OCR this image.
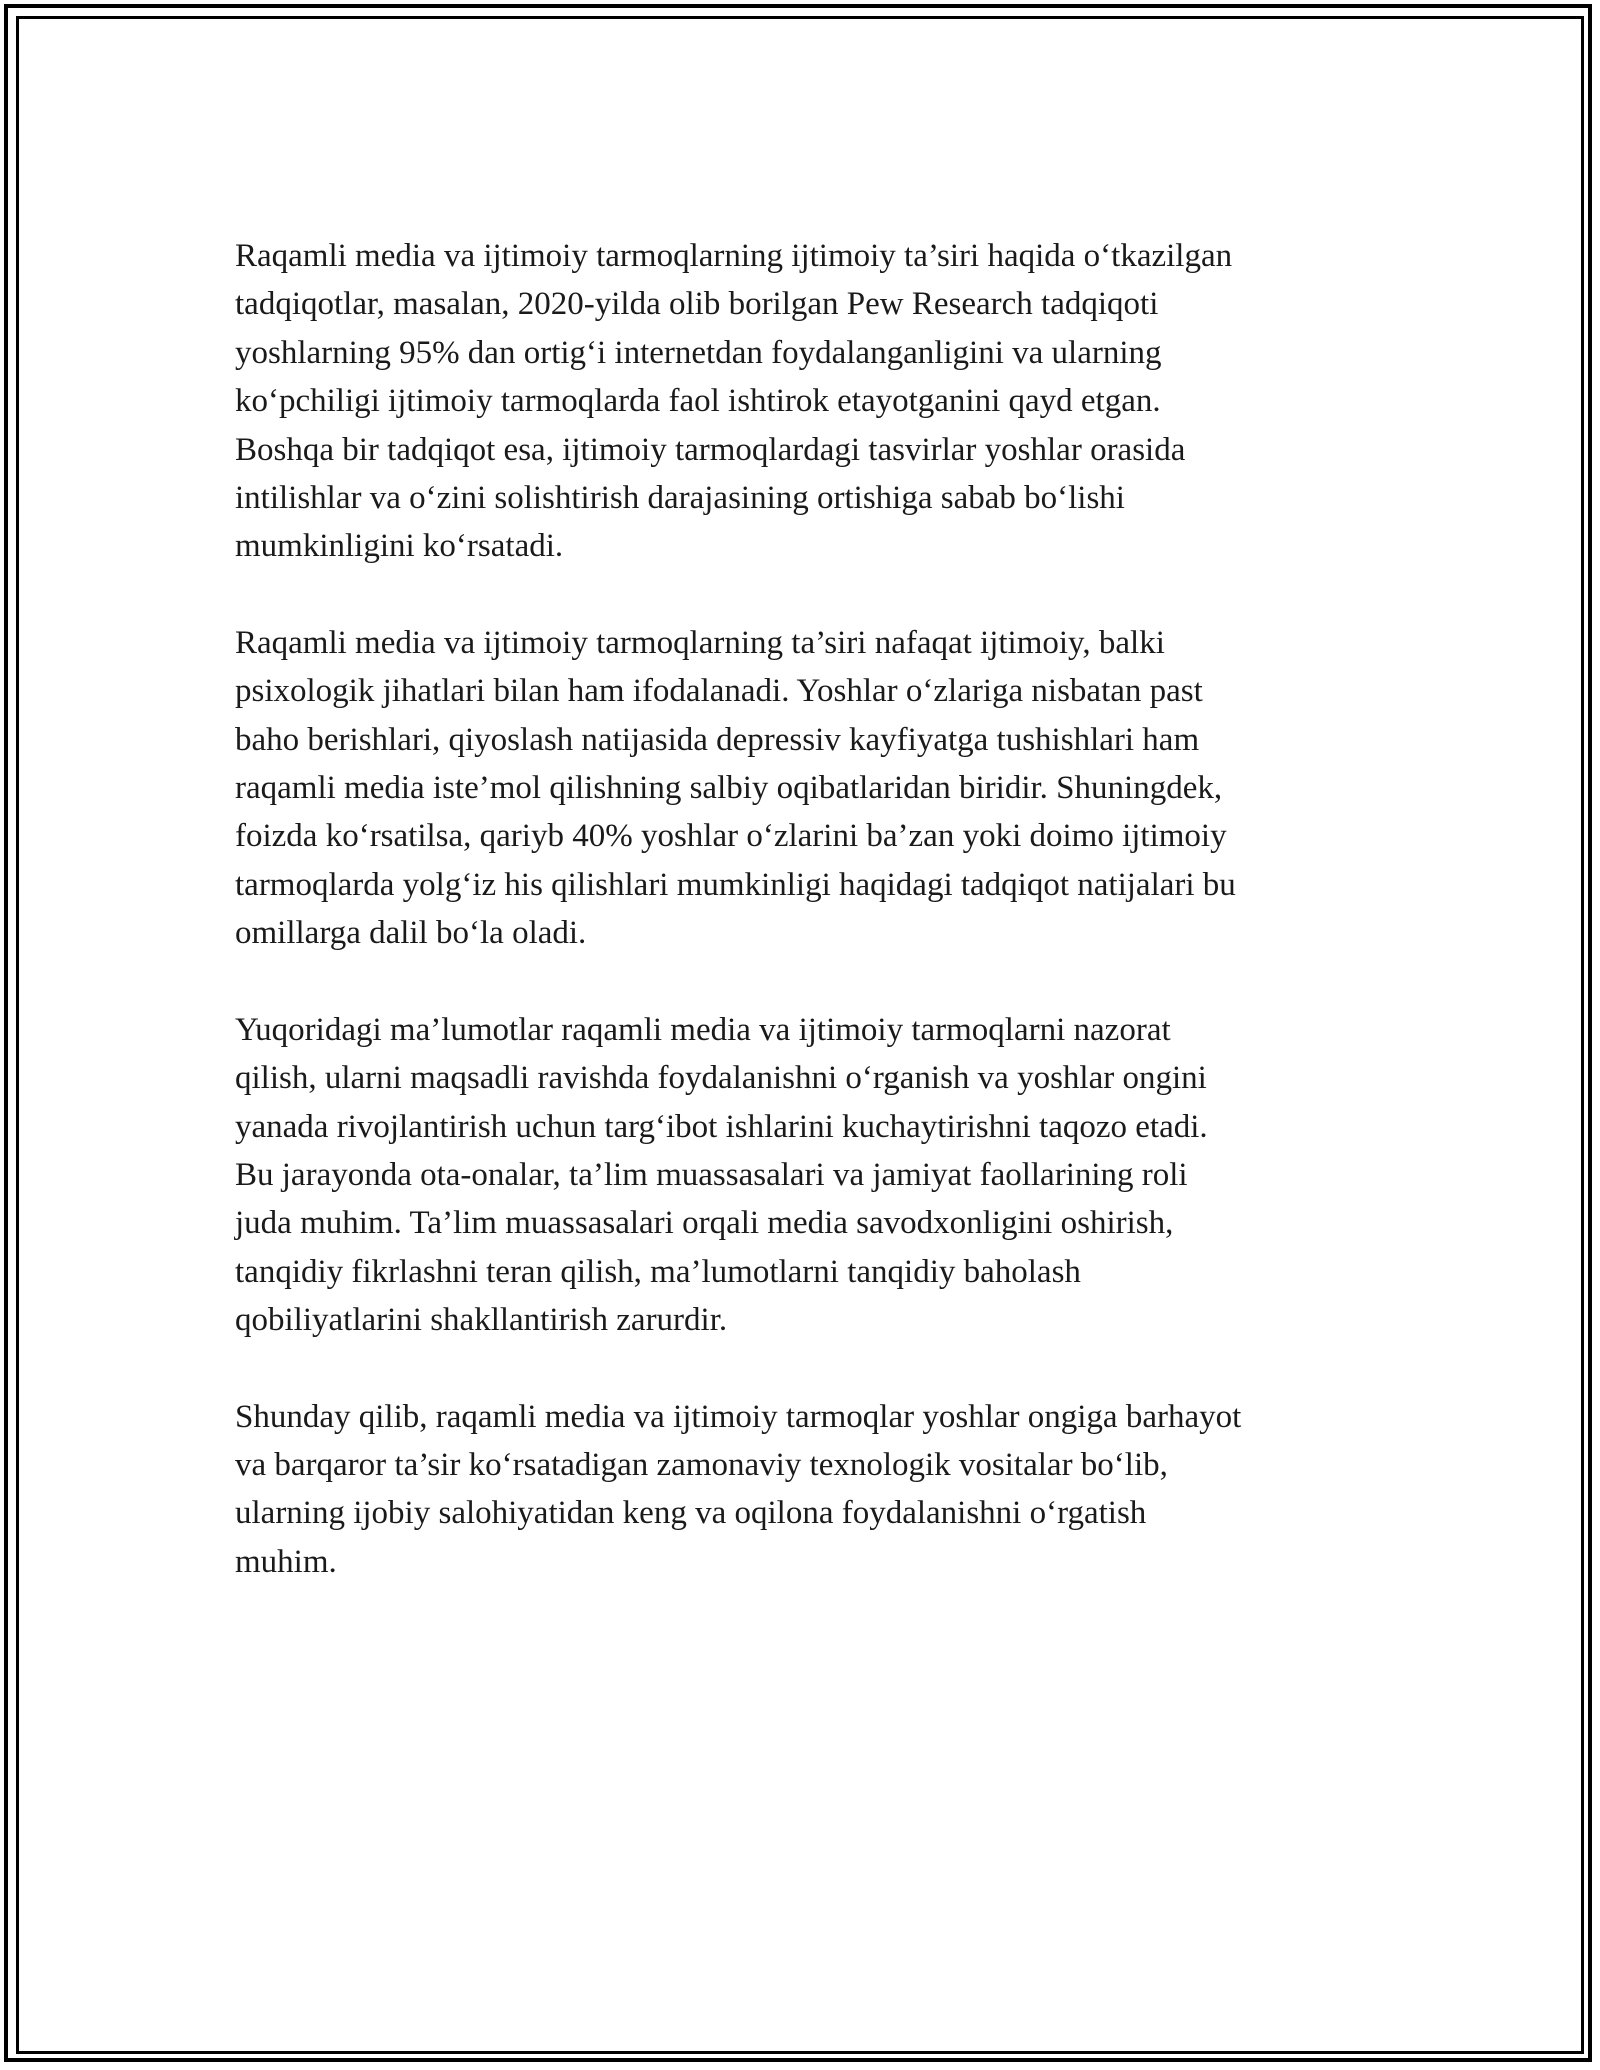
Raqamli media va ijtimoiy tarmoqlarning ijtimoiy ta’siri haqida o‘tkazilgan
tadqiqotlar, masalan, 2020-yilda olib borilgan Pew Research tadqiqoti
yoshlarning 95% dan ortig‘i internetdan foydalanganligini va ularning
ko‘pchiligi ijtimoiy tarmoqlarda faol ishtirok etayotganini qayd etgan.
Boshqa bir tadqiqot esa, ijtimoiy tarmoqlardagi tasvirlar yoshlar orasida
intilishlar va o‘zini solishtirish darajasining ortishiga sabab bo‘lishi
mumkinligini ko‘rsatadi.

Raqamli media va ijtimoiy tarmoqlarning ta’siri nafaqat ijtimoiy, balki
psixologik jihatlari bilan ham ifodalanadi. Yoshlar o‘zlariga nisbatan past
baho berishlari, qiyoslash natijasida depressiv kayfiyatga tushishlari ham
raqamli media iste’mol qilishning salbiy oqibatlaridan biridir. Shuningdek,
foizda ko‘rsatilsa, qariyb 40% yoshlar o‘zlarini ba’zan yoki doimo ijtimoiy
tarmoqlarda yolg‘iz his qilishlari mumkinligi haqidagi tadqiqot natijalari bu
omillarga dalil bo‘la oladi.

Yuqoridagi ma’lumotlar raqamli media va ijtimoiy tarmoqlarni nazorat
qilish, ularni maqsadli ravishda foydalanishni o‘rganish va yoshlar ongini
yanada rivojlantirish uchun targ‘ibot ishlarini kuchaytirishni taqozo etadi.
Bu jarayonda ota-onalar, ta’lim muassasalari va jamiyat faollarining roli
juda muhim. Ta’lim muassasalari orqali media savodxonligini oshirish,
tanqidiy fikrlashni teran qilish, ma’lumotlarni tanqidiy baholash
qobiliyatlarini shakllantirish zarurdir.

Shunday qilib, raqamli media va ijtimoiy tarmoqlar yoshlar ongiga barhayot
va barqaror ta’sir ko‘rsatadigan zamonaviy texnologik vositalar bo‘lib,
ularning ijobiy salohiyatidan keng va oqilona foydalanishni o‘rgatish
muhim.
